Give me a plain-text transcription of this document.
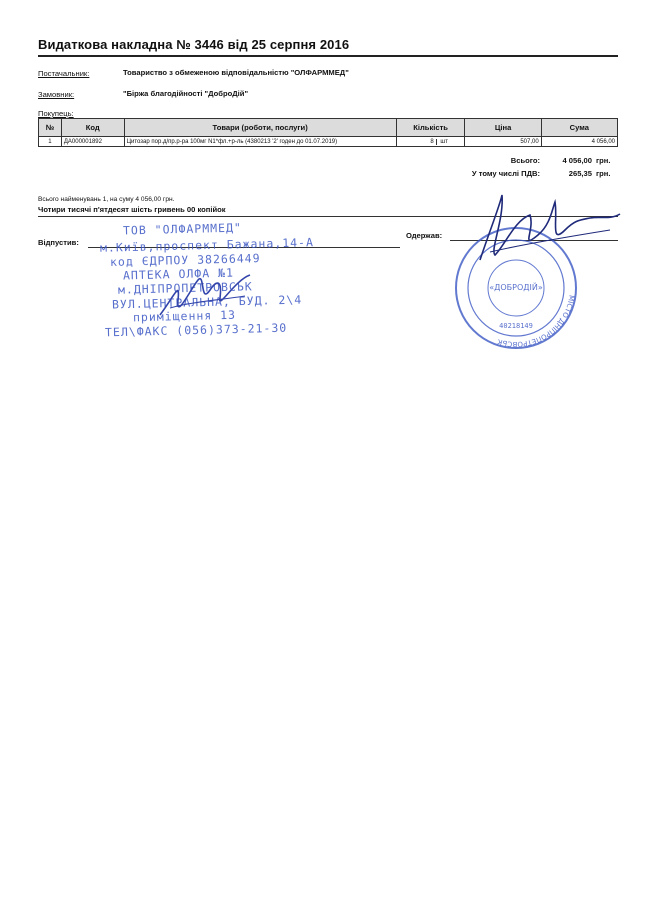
Видаткова накладна № 3446 від 25 серпня 2016
Постачальник:	Товариство з обмеженою відповідальністю "ОЛФАРММЕД"
Замовник:	"Біржа благодійності "ДоброДій"
Покупець:
№	Код	Товари (роботи, послуги)	Кількість	Ціна	Сума
1	ДА000001892	Цитозар пор.д/пр.р-ра 100мг N1*фл.+р-ль (4380213 '2' годен до 01.07.2019)	8 шт	507,00	4 056,00
Всього:	4 056,00 грн.
У тому числі ПДВ:	265,35 грн.
Всього найменувань 1, на суму 4 056,00 грн.
Чотири тисячі п'ятдесят шість гривень 00 копійок
Відпустив:
Одержав:
ТОВ "ОЛФАРММЕД"
м.Київ,проспект Бажана,14-А
код ЄДРПОУ 38266449
АПТЕКА ОЛФА №1
м.ДНІПРОПЕТРОВСЬК
ВУЛ.ЦЕНТРАЛЬНА, БУД. 2\4
приміщення 13
ТЕЛ\ФАКС (056)373-21-30
МІСТО ДНІПРОПЕТРОВСЬК
«ДОБРОДІЙ»
40218149
